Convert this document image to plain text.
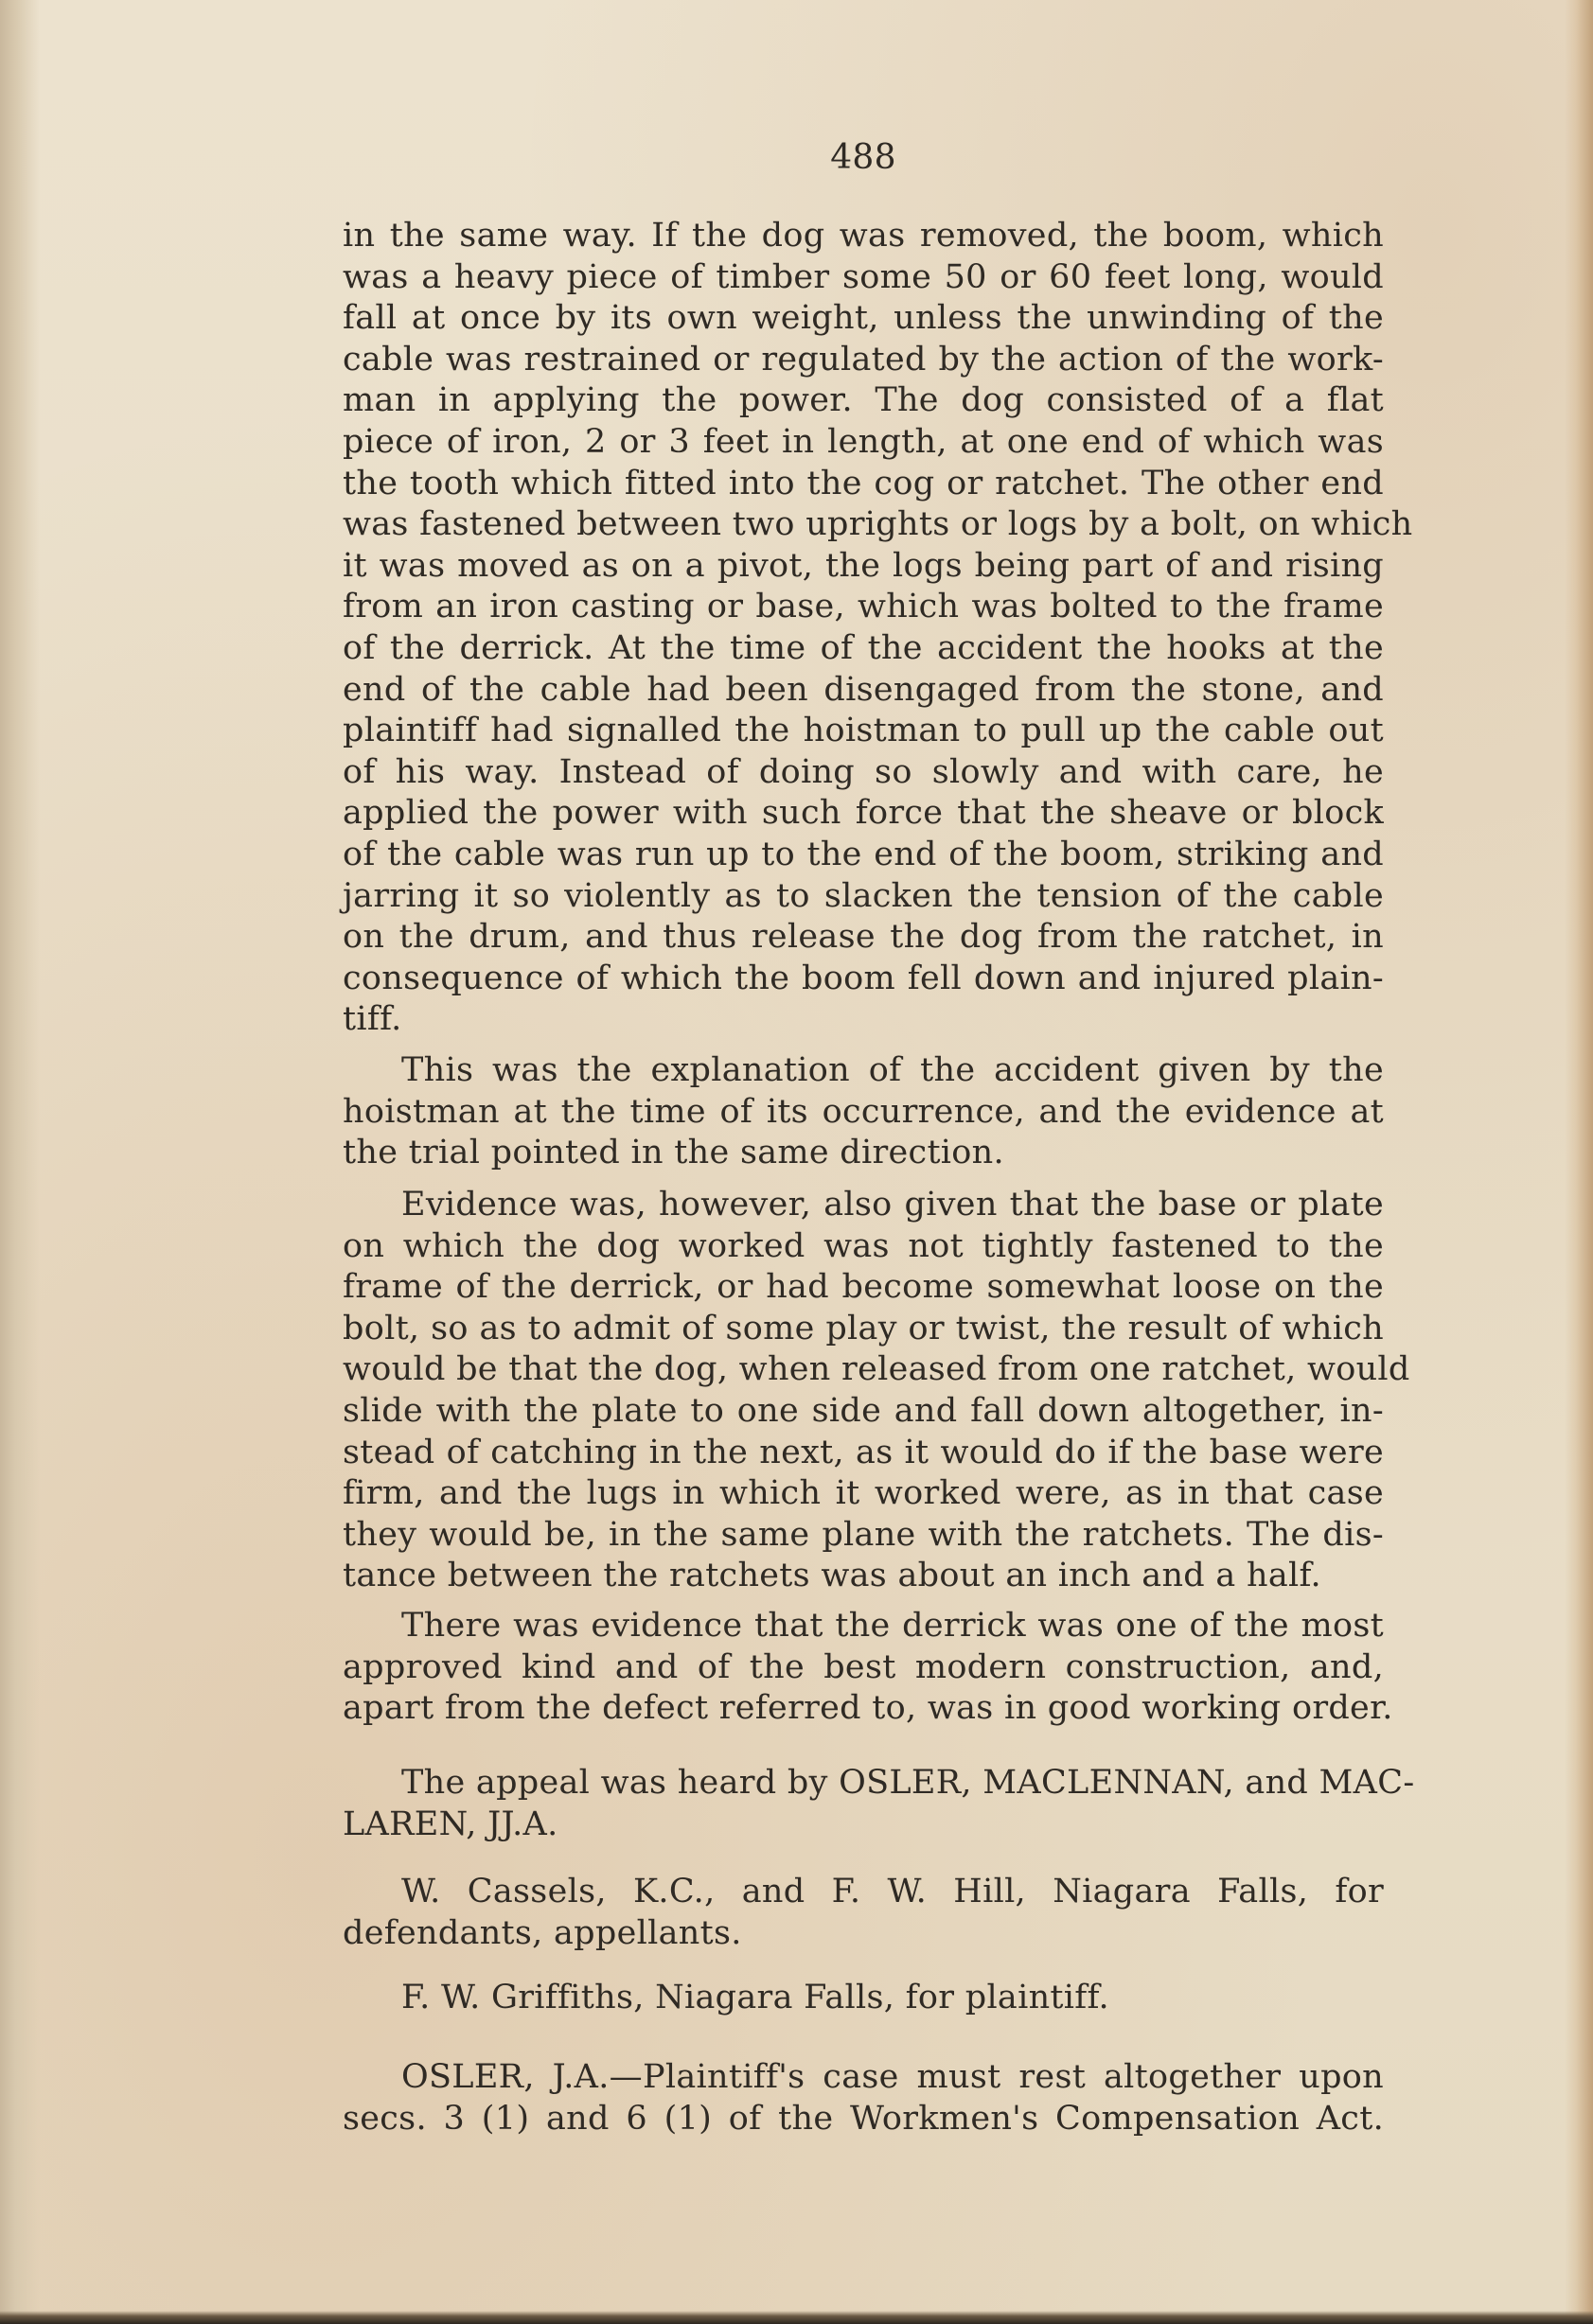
488
in the same way. If the dog was removed, the boom, which
was a heavy piece of timber some 50 or 60 feet long, would
fall at once by its own weight, unless the unwinding of the
cable was restrained or regulated by the action of the work-
man in applying the power. The dog consisted of a flat
piece of iron, 2 or 3 feet in length, at one end of which was
the tooth which fitted into the cog or ratchet. The other end
was fastened between two uprights or logs by a bolt, on which
it was moved as on a pivot, the logs being part of and rising
from an iron casting or base, which was bolted to the frame
of the derrick. At the time of the accident the hooks at the
end of the cable had been disengaged from the stone, and
plaintiff had signalled the hoistman to pull up the cable out
of his way. Instead of doing so slowly and with care, he
applied the power with such force that the sheave or block
of the cable was run up to the end of the boom, striking and
jarring it so violently as to slacken the tension of the cable
on the drum, and thus release the dog from the ratchet, in
consequence of which the boom fell down and injured plain-
tiff.
This was the explanation of the accident given by the
hoistman at the time of its occurrence, and the evidence at
the trial pointed in the same direction.
Evidence was, however, also given that the base or plate
on which the dog worked was not tightly fastened to the
frame of the derrick, or had become somewhat loose on the
bolt, so as to admit of some play or twist, the result of which
would be that the dog, when released from one ratchet, would
slide with the plate to one side and fall down altogether, in-
stead of catching in the next, as it would do if the base were
firm, and the lugs in which it worked were, as in that case
they would be, in the same plane with the ratchets. The dis-
tance between the ratchets was about an inch and a half.
There was evidence that the derrick was one of the most
approved kind and of the best modern construction, and,
apart from the defect referred to, was in good working order.
The appeal was heard by OSLER, MACLENNAN, and MAC-
LAREN, JJ.A.
W. Cassels, K.C., and F. W. Hill, Niagara Falls, for
defendants, appellants.
F. W. Griffiths, Niagara Falls, for plaintiff.
OSLER, J.A.—Plaintiff's case must rest altogether upon
secs. 3 (1) and 6 (1) of the Workmen's Compensation Act.
